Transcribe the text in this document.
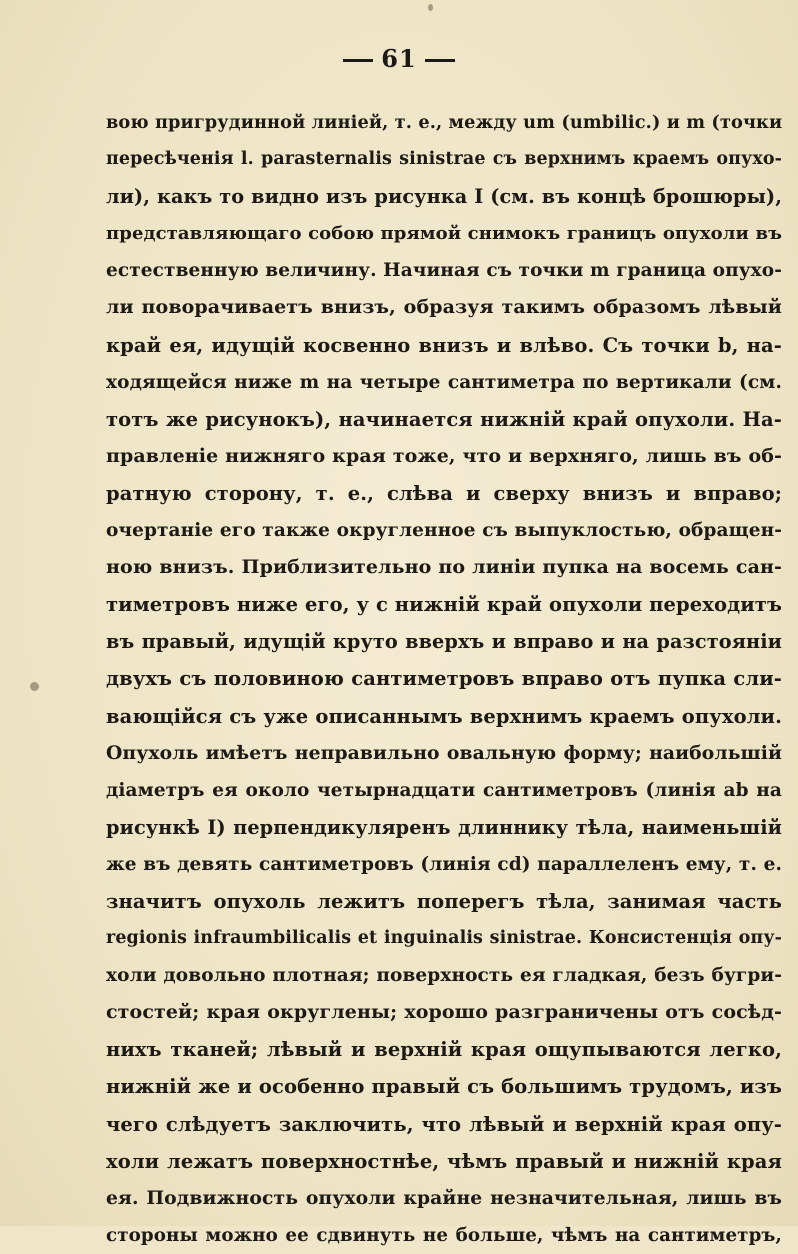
61
вою пригрудинной линіей, т. е., между um (umbilic.) и m (точки
пересѣченія l. parasternalis sinistrae съ верхнимъ краемъ опухо-
ли), какъ то видно изъ рисунка I (см. въ концѣ брошюры),
представляющаго собою прямой снимокъ границъ опухоли въ
естественную величину. Начиная съ точки m граница опухо-
ли поворачиваетъ внизъ, образуя такимъ образомъ лѣвый
край ея, идущій косвенно внизъ и влѣво. Съ точки b, на-
ходящейся ниже m на четыре сантиметра по вертикали (см.
тотъ же рисунокъ), начинается нижній край опухоли. На-
правленіе нижняго края тоже, что и верхняго, лишь въ об-
ратную сторону, т. е., слѣва и сверху внизъ и вправо;
очертаніе его также округленное съ выпуклостью, обращен-
ною внизъ. Приблизительно по линіи пупка на восемь сан-
тиметровъ ниже его, у c нижній край опухоли переходитъ
въ правый, идущій круто вверхъ и вправо и на разстояніи
двухъ съ половиною сантиметровъ вправо отъ пупка сли-
вающійся съ уже описаннымъ верхнимъ краемъ опухоли.
Опухоль имѣетъ неправильно овальную форму; наибольшій
діаметръ ея около четырнадцати сантиметровъ (линія ab на
рисункѣ I) перпендикуляренъ длиннику тѣла, наименьшій
же въ девять сантиметровъ (линія cd) параллеленъ ему, т. е.
значитъ опухоль лежитъ поперегъ тѣла, занимая часть
regionis infraumbilicalis et inguinalis sinistrae. Консистенція опу-
холи довольно плотная; поверхность ея гладкая, безъ бугри-
стостей; края округлены; хорошо разграничены отъ сосѣд-
нихъ тканей; лѣвый и верхній края ощупываются легко,
нижній же и особенно правый съ большимъ трудомъ, изъ
чего слѣдуетъ заключить, что лѣвый и верхній края опу-
холи лежатъ поверхностнѣе, чѣмъ правый и нижній края
ея. Подвижность опухоли крайне незначительная, лишь въ
стороны можно ее сдвинуть не больше, чѣмъ на сантиметръ,
